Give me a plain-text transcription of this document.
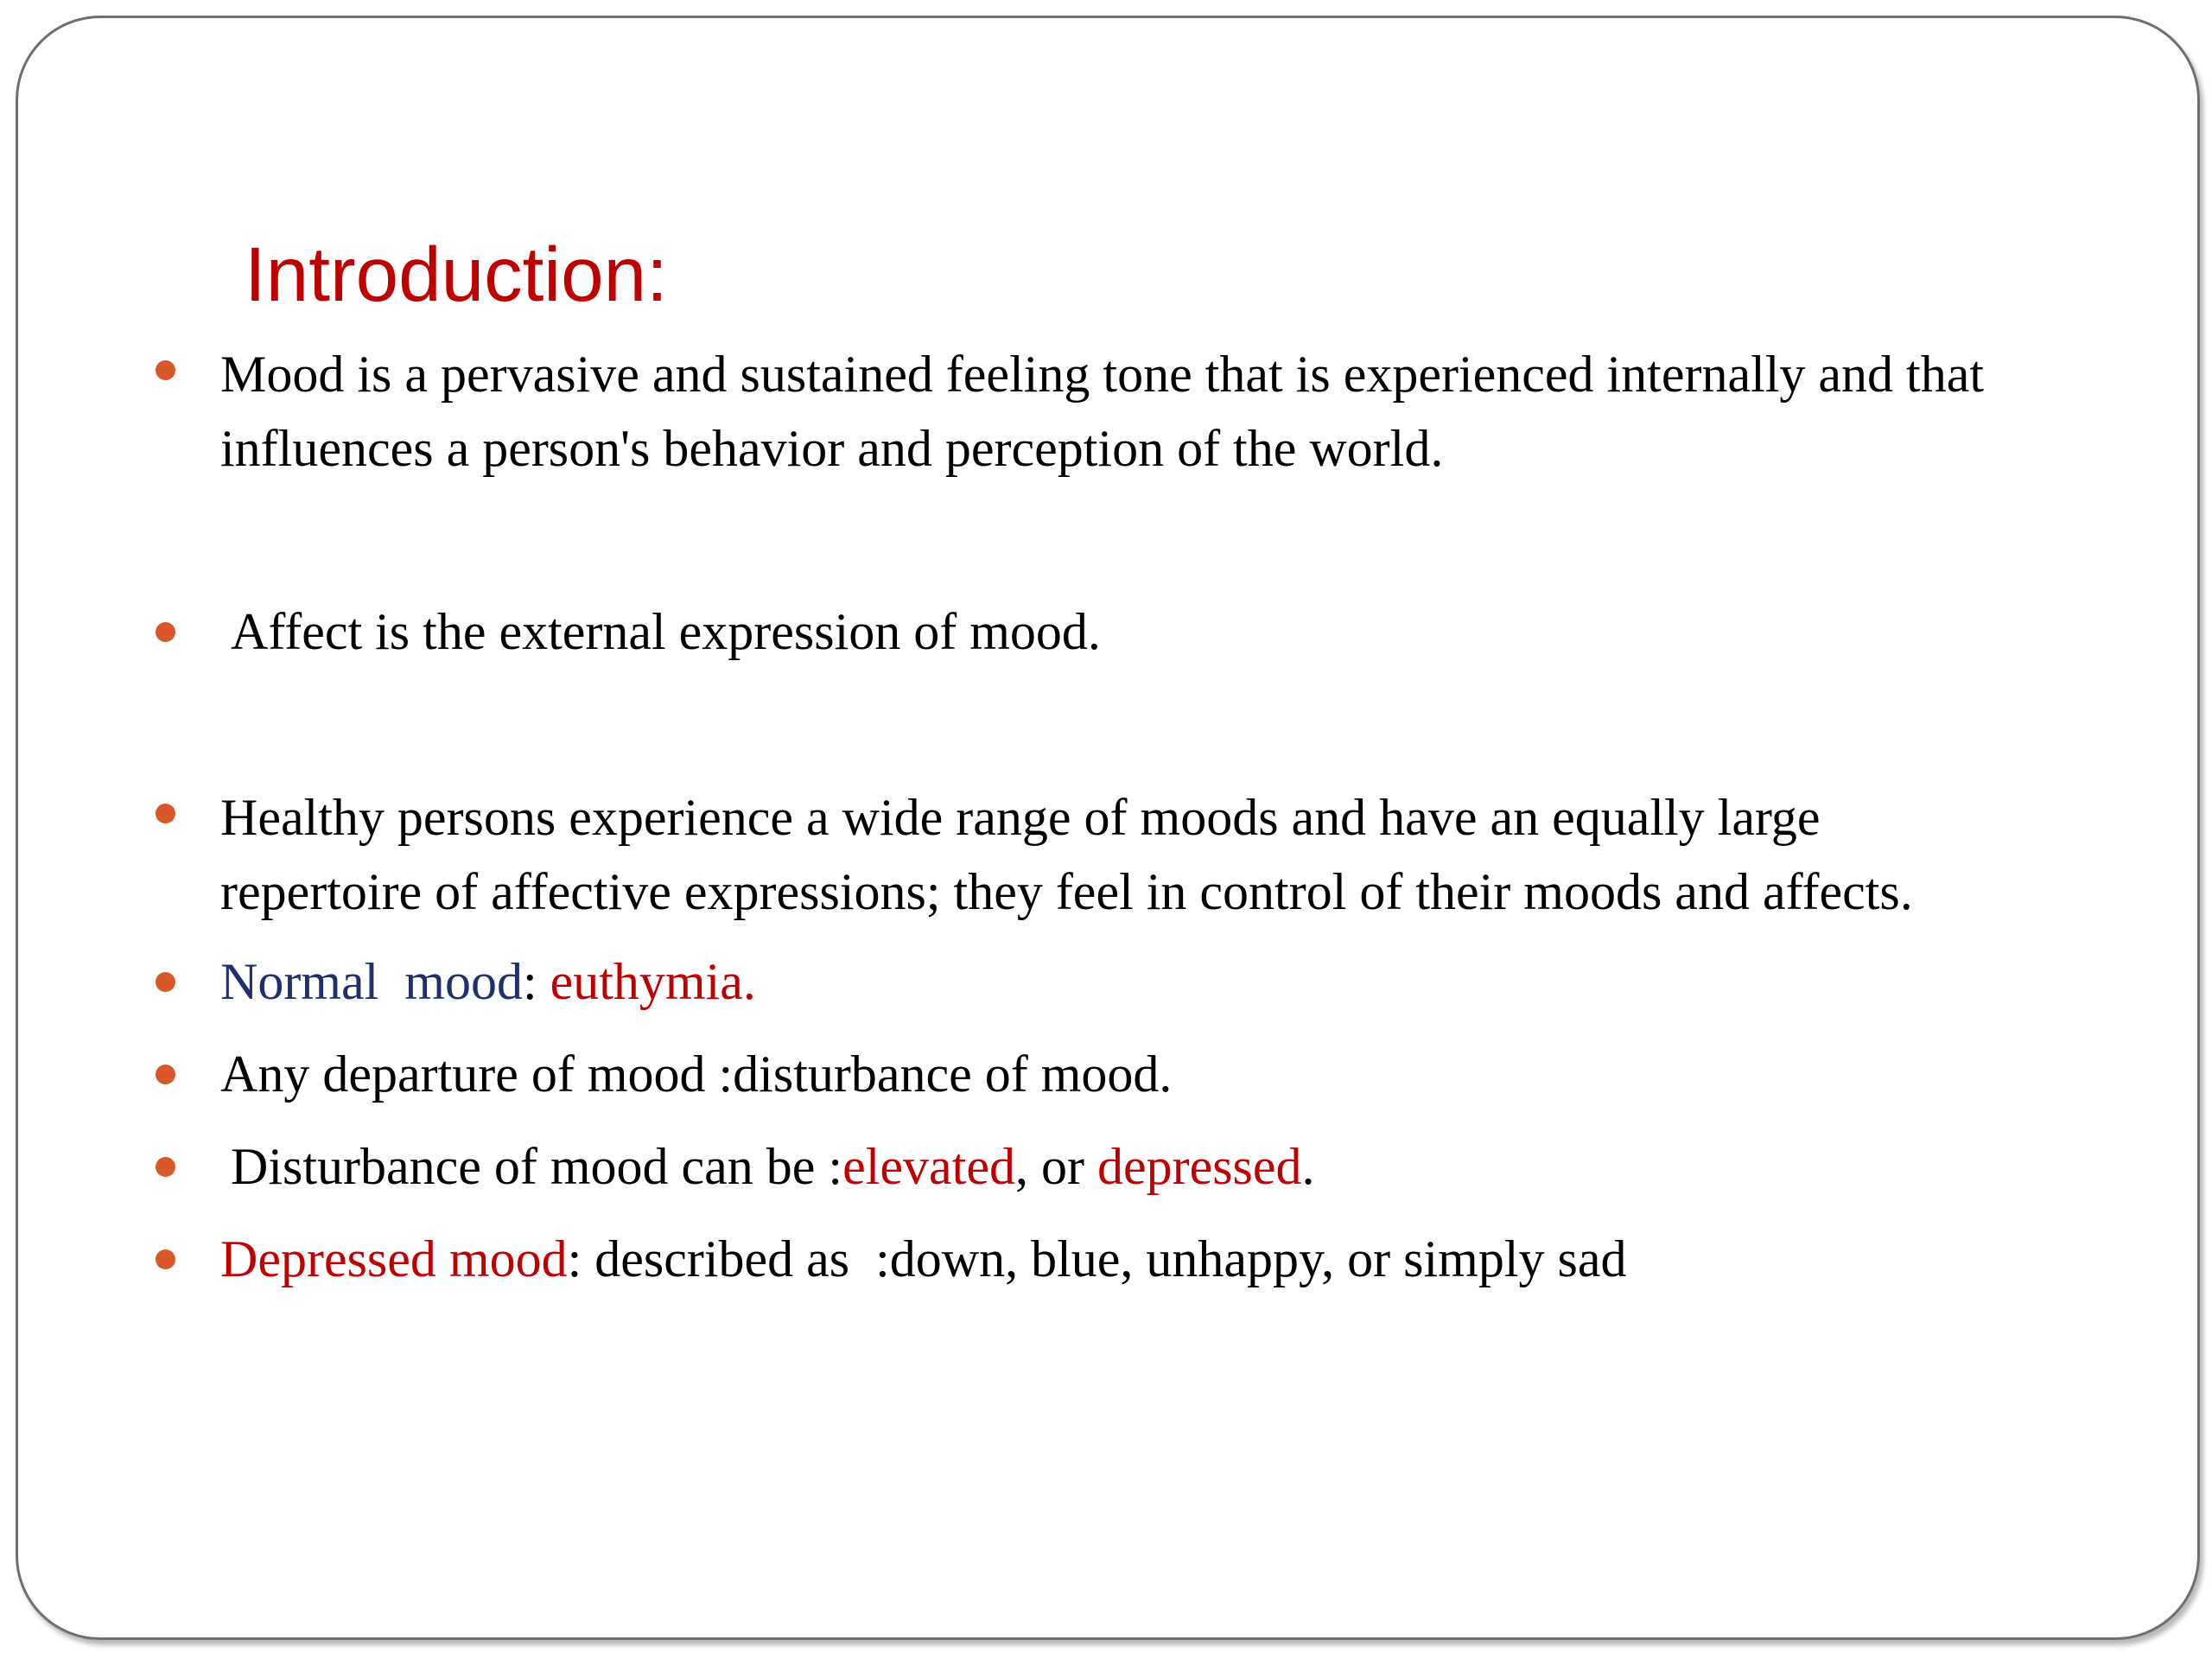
Introduction:
Mood is a pervasive and sustained feeling tone that is experienced internally and that
influences a person's behavior and perception of the world.
Affect is the external expression of mood.
Healthy persons experience a wide range of moods and have an equally large
repertoire of affective expressions; they feel in control of their moods and affects.
Normal  mood: euthymia.
Any departure of mood :disturbance of mood.
Disturbance of mood can be :elevated, or depressed.
Depressed mood: described as  :down, blue, unhappy, or simply sad
